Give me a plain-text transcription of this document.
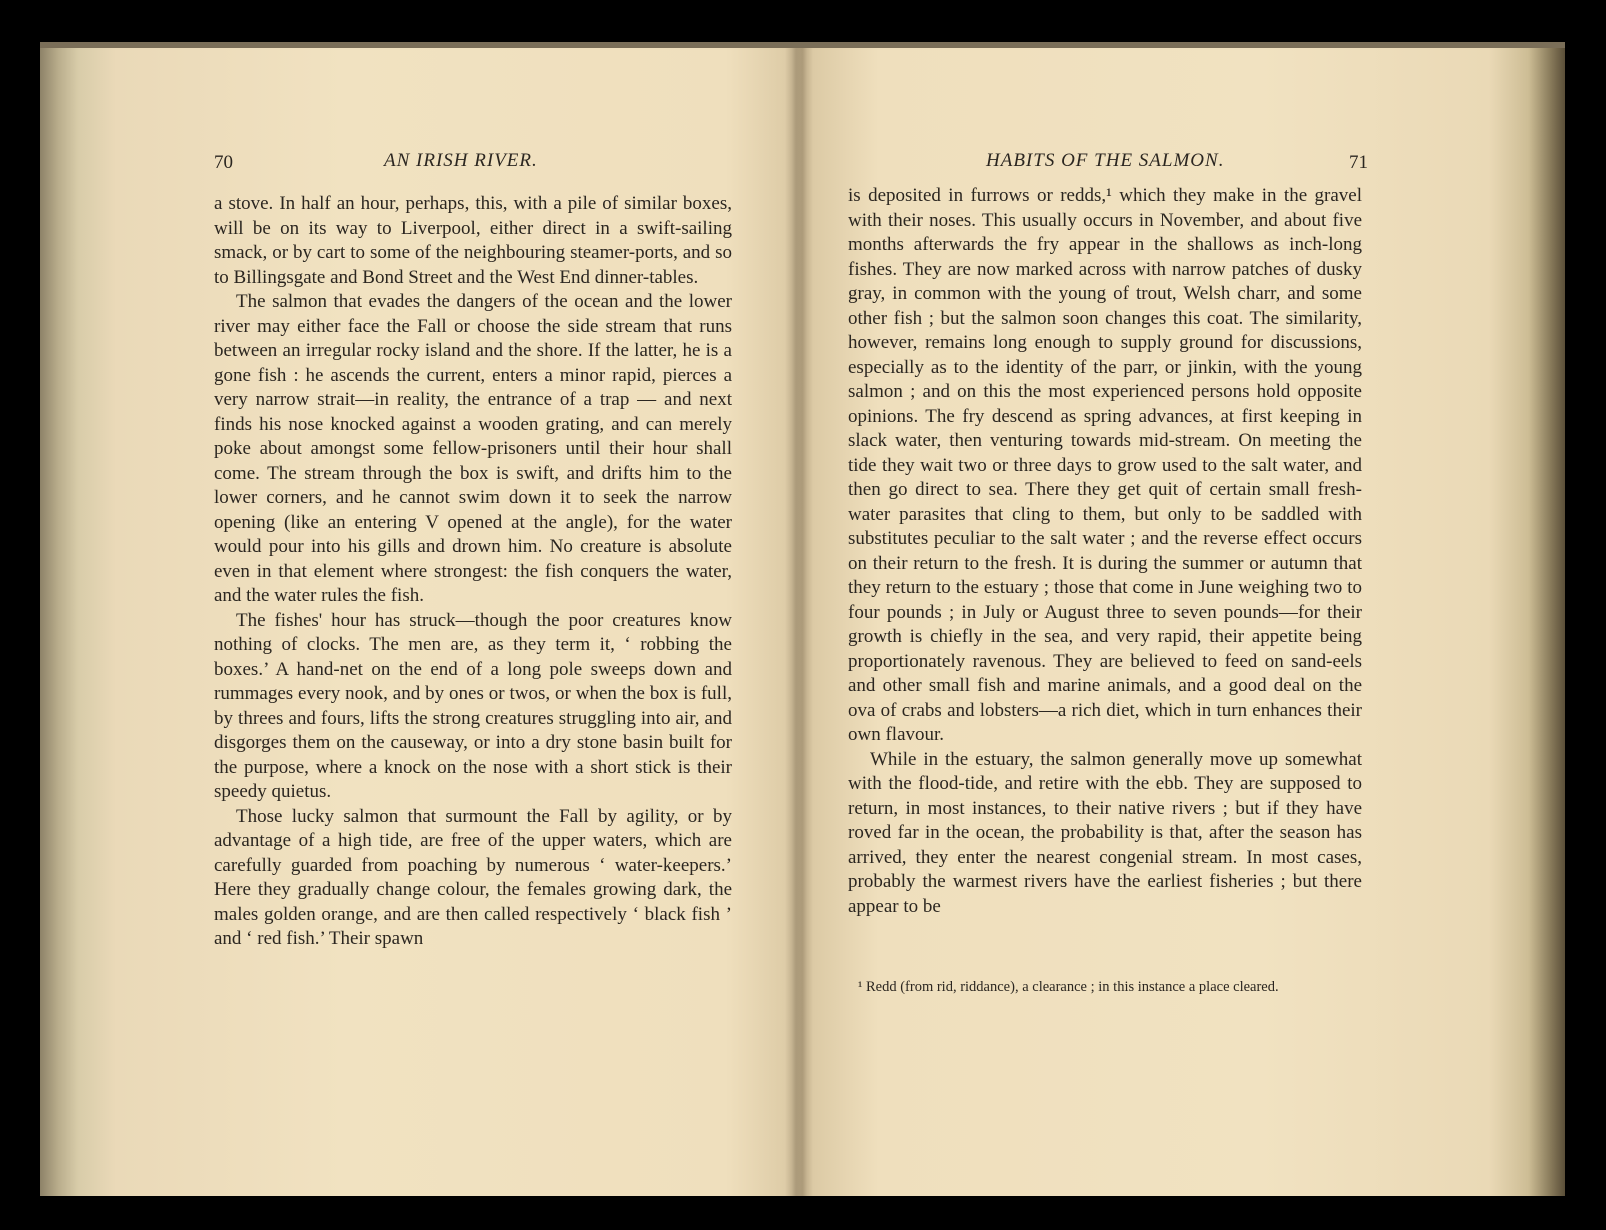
70	AN IRISH RIVER.

a stove. In half an hour, perhaps, this, with a pile of similar boxes, will be on its way to Liverpool, either direct in a swift-sailing smack, or by cart to some of the neighbouring steamer-ports, and so to Billingsgate and Bond Street and the West End dinner-tables.

The salmon that evades the dangers of the ocean and the lower river may either face the Fall or choose the side stream that runs between an irregular rocky island and the shore. If the latter, he is a gone fish : he ascends the current, enters a minor rapid, pierces a very narrow strait—in reality, the entrance of a trap — and next finds his nose knocked against a wooden grating, and can merely poke about amongst some fellow-prisoners until their hour shall come. The stream through the box is swift, and drifts him to the lower corners, and he cannot swim down it to seek the narrow opening (like an entering V opened at the angle), for the water would pour into his gills and drown him. No creature is absolute even in that element where strongest: the fish conquers the water, and the water rules the fish.

The fishes' hour has struck—though the poor creatures know nothing of clocks. The men are, as they term it, ‘ robbing the boxes.’ A hand-net on the end of a long pole sweeps down and rummages every nook, and by ones or twos, or when the box is full, by threes and fours, lifts the strong creatures struggling into air, and disgorges them on the causeway, or into a dry stone basin built for the purpose, where a knock on the nose with a short stick is their speedy quietus.

Those lucky salmon that surmount the Fall by agility, or by advantage of a high tide, are free of the upper waters, which are carefully guarded from poaching by numerous ‘ water-keepers.’ Here they gradually change colour, the females growing dark, the males golden orange, and are then called respectively ‘ black fish ’ and ‘ red fish.’ Their spawn

HABITS OF THE SALMON.	71

is deposited in furrows or redds,¹ which they make in the gravel with their noses. This usually occurs in November, and about five months afterwards the fry appear in the shallows as inch-long fishes. They are now marked across with narrow patches of dusky gray, in common with the young of trout, Welsh charr, and some other fish ; but the salmon soon changes this coat. The similarity, however, remains long enough to supply ground for discussions, especially as to the identity of the parr, or jinkin, with the young salmon ; and on this the most experienced persons hold opposite opinions. The fry descend as spring advances, at first keeping in slack water, then venturing towards mid-stream. On meeting the tide they wait two or three days to grow used to the salt water, and then go direct to sea. There they get quit of certain small fresh-water parasites that cling to them, but only to be saddled with substitutes peculiar to the salt water ; and the reverse effect occurs on their return to the fresh. It is during the summer or autumn that they return to the estuary ; those that come in June weighing two to four pounds ; in July or August three to seven pounds—for their growth is chiefly in the sea, and very rapid, their appetite being proportionately ravenous. They are believed to feed on sand-eels and other small fish and marine animals, and a good deal on the ova of crabs and lobsters—a rich diet, which in turn enhances their own flavour.

While in the estuary, the salmon generally move up somewhat with the flood-tide, and retire with the ebb. They are supposed to return, in most instances, to their native rivers ; but if they have roved far in the ocean, the probability is that, after the season has arrived, they enter the nearest congenial stream. In most cases, probably the warmest rivers have the earliest fisheries ; but there appear to be

¹ Redd (from rid, riddance), a clearance ; in this instance a place cleared.
